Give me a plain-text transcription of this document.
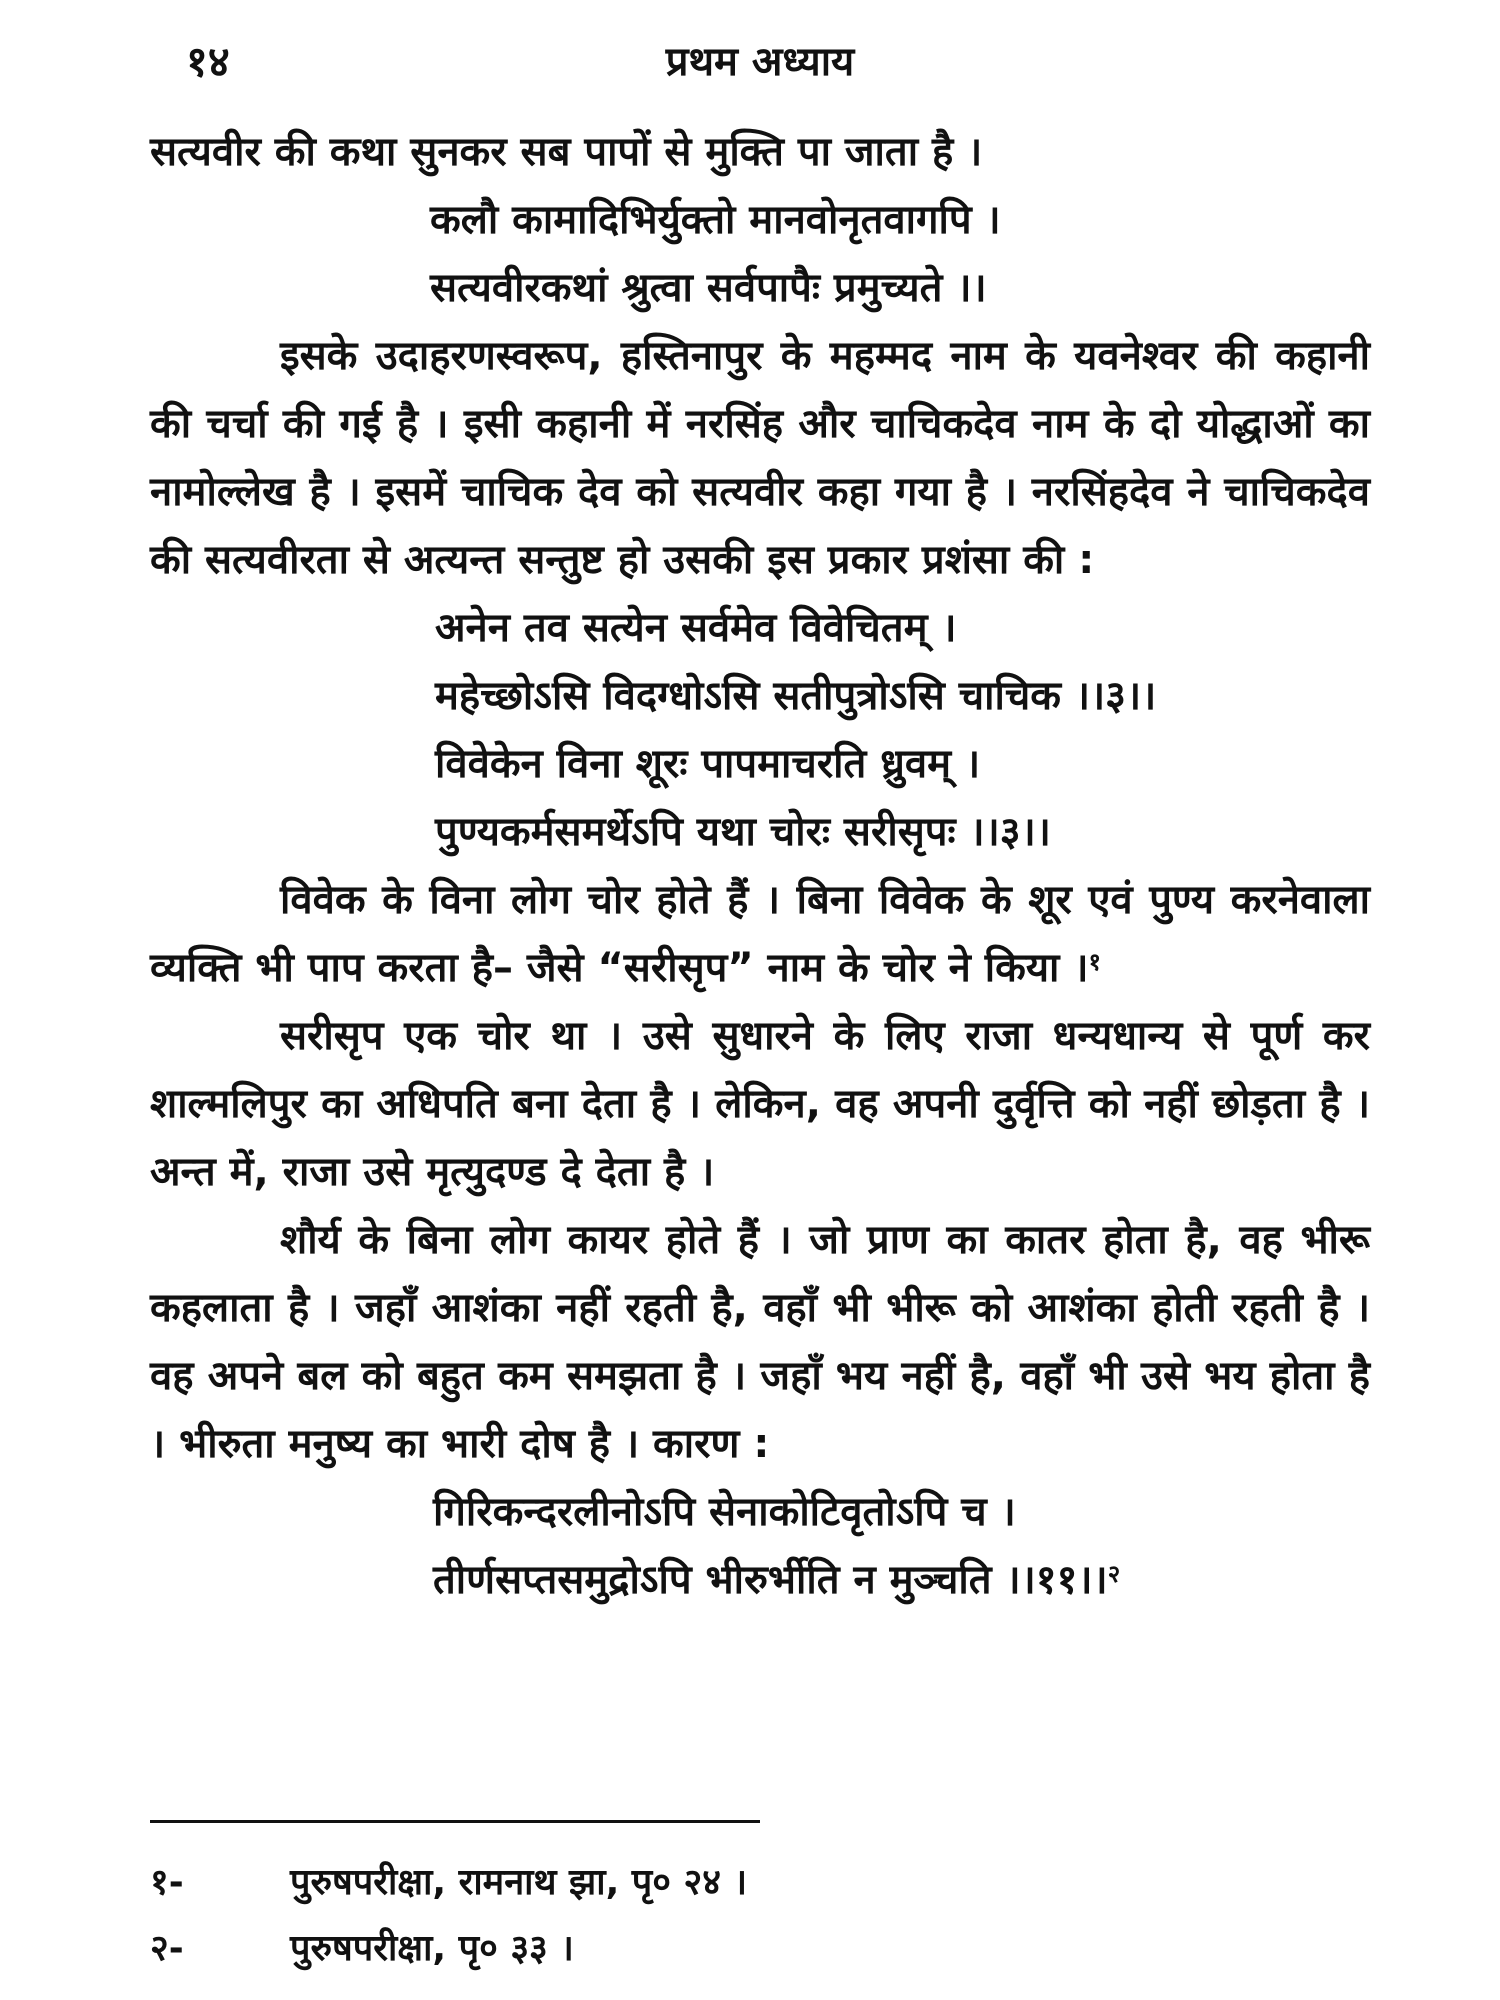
१४	प्रथम अध्याय

सत्यवीर की कथा सुनकर सब पापों से मुक्ति पा जाता है ।

कलौ कामादिभिर्युक्तो मानवोनृतवागपि ।
सत्यवीरकथां श्रुत्वा सर्वपापैः प्रमुच्यते ।।

इसके उदाहरणस्वरूप, हस्तिनापुर के महम्मद नाम के यवनेश्वर की कहानी की चर्चा की गई है । इसी कहानी में नरसिंह और चाचिकदेव नाम के दो योद्धाओं का नामोल्लेख है । इसमें चाचिक देव को सत्यवीर कहा गया है । नरसिंहदेव ने चाचिकदेव की सत्यवीरता से अत्यन्त सन्तुष्ट हो उसकी इस प्रकार प्रशंसा की :

अनेन तव सत्येन सर्वमेव विवेचितम् ।
महेच्छोऽसि विदग्धोऽसि सतीपुत्रोऽसि चाचिक ।।३।।
विवेकेन विना शूरः पापमाचरति ध्रुवम् ।
पुण्यकर्मसमर्थेऽपि यथा चोरः सरीसृपः ।।३।।

विवेक के विना लोग चोर होते हैं । बिना विवेक के शूर एवं पुण्य करनेवाला व्यक्ति भी पाप करता है– जैसे “सरीसृप” नाम के चोर ने किया ।$^१$

सरीसृप एक चोर था । उसे सुधारने के लिए राजा धन्यधान्य से पूर्ण कर शाल्मलिपुर का अधिपति बना देता है । लेकिन, वह अपनी दुर्वृत्ति को नहीं छोड़ता है । अन्त में, राजा उसे मृत्युदण्ड दे देता है ।

शौर्य के बिना लोग कायर होते हैं । जो प्राण का कातर होता है, वह भीरू कहलाता है । जहाँ आशंका नहीं रहती है, वहाँ भी भीरू को आशंका होती रहती है । वह अपने बल को बहुत कम समझता है । जहाँ भय नहीं है, वहाँ भी उसे भय होता है । भीरुता मनुष्य का भारी दोष है । कारण :

गिरिकन्दरलीनोऽपि सेनाकोटिवृतोऽपि च ।
तीर्णसप्तसमुद्रोऽपि भीरुर्भीति न मुञ्चति ।।११।।$^२$
१-	पुरुषपरीक्षा, रामनाथ झा, पृ० २४ ।
२-	पुरुषपरीक्षा, पृ० ३३ ।
